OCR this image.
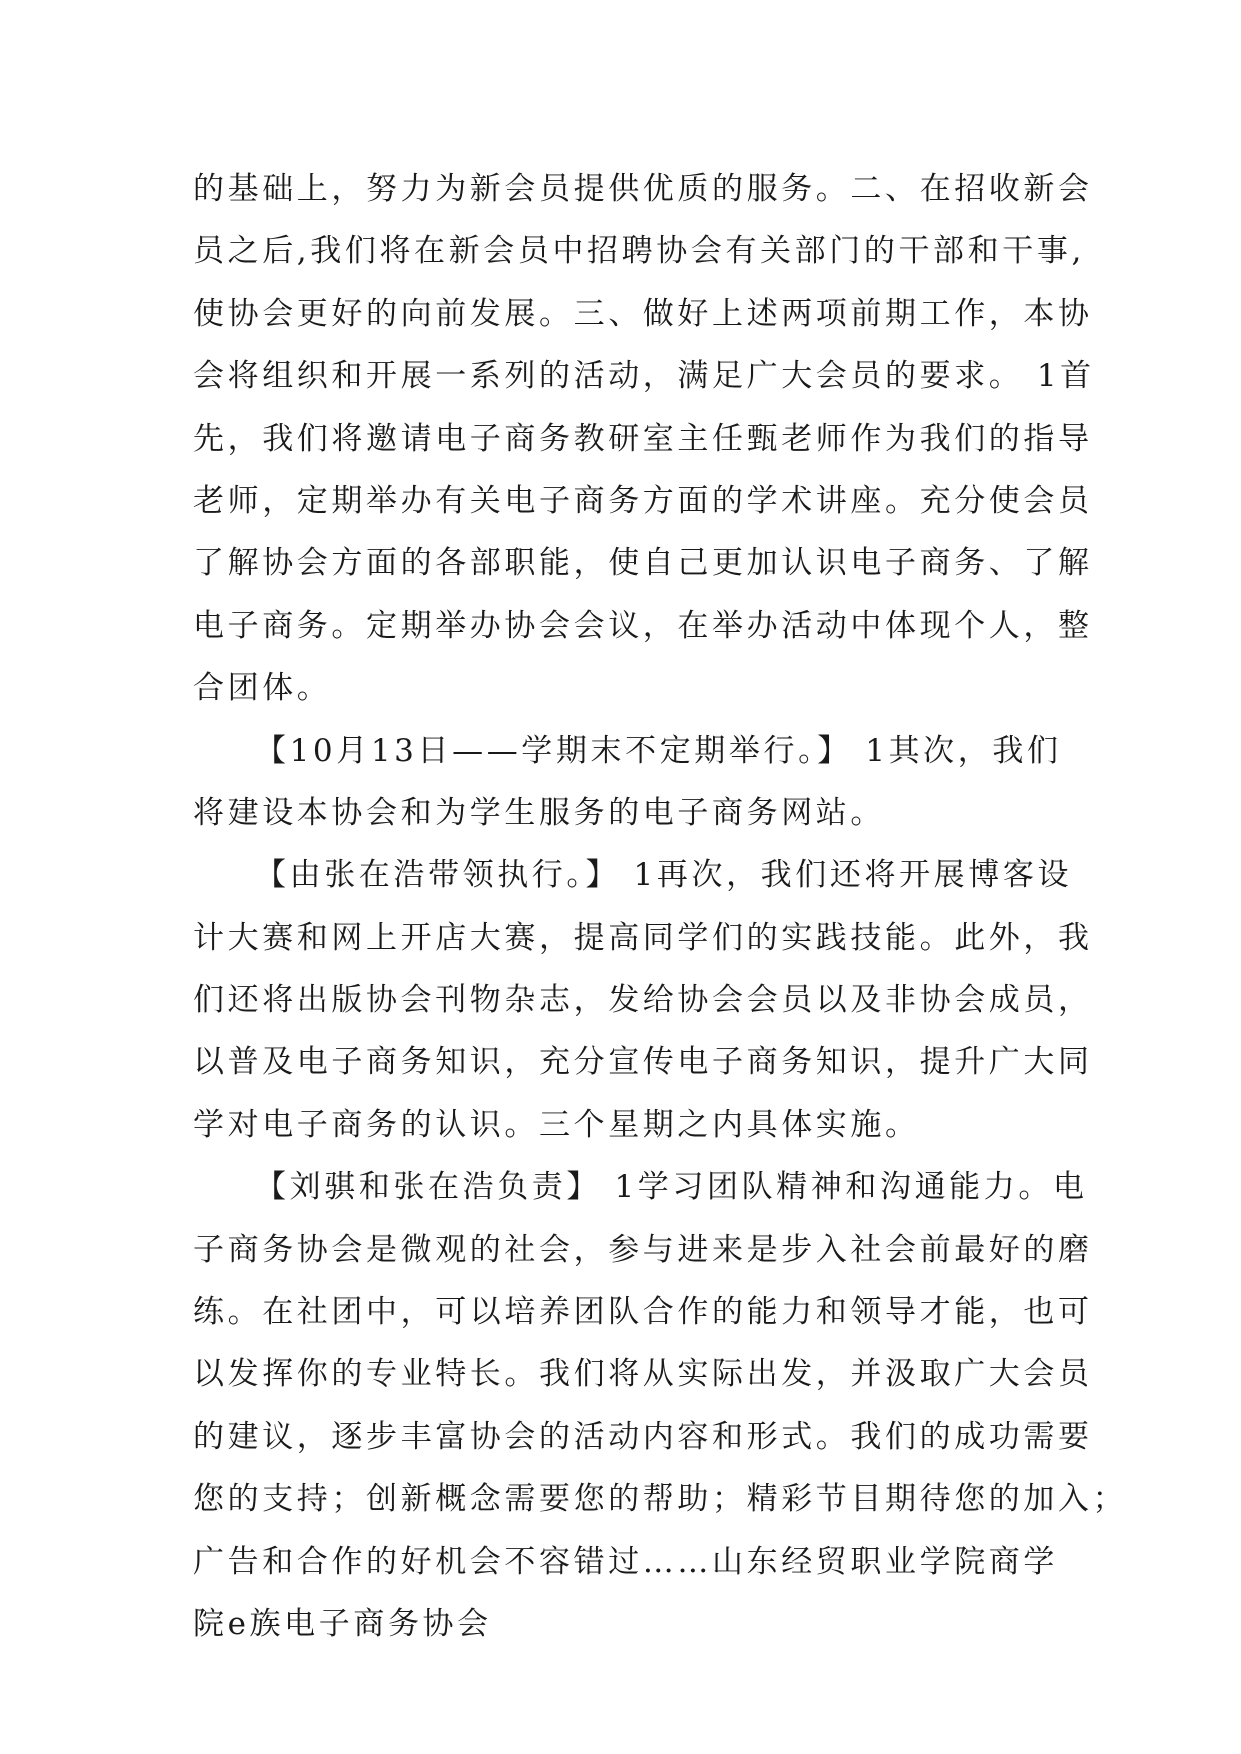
的基础上，努力为新会员提供优质的服务。二、在招收新会
员之后,我们将在新会员中招聘协会有关部门的干部和干事,
使协会更好的向前发展。三、做好上述两项前期工作，本协
会将组织和开展一系列的活动，满足广大会员的要求。 1首
先，我们将邀请电子商务教研室主任甄老师作为我们的指导
老师，定期举办有关电子商务方面的学术讲座。充分使会员
了解协会方面的各部职能，使自己更加认识电子商务、了解
电子商务。定期举办协会会议，在举办活动中体现个人，整
合团体。
【10月13日——学期末不定期举行。】 1其次，我们
将建设本协会和为学生服务的电子商务网站。
【由张在浩带领执行。】 1再次，我们还将开展博客设
计大赛和网上开店大赛，提高同学们的实践技能。此外，我
们还将出版协会刊物杂志，发给协会会员以及非协会成员，
以普及电子商务知识，充分宣传电子商务知识，提升广大同
学对电子商务的认识。三个星期之内具体实施。
【刘骐和张在浩负责】 1学习团队精神和沟通能力。电
子商务协会是微观的社会，参与进来是步入社会前最好的磨
练。在社团中，可以培养团队合作的能力和领导才能，也可
以发挥你的专业特长。我们将从实际出发，并汲取广大会员
的建议，逐步丰富协会的活动内容和形式。我们的成功需要
您的支持；创新概念需要您的帮助；精彩节目期待您的加入；
广告和合作的好机会不容错过……山东经贸职业学院商学
院e族电子商务协会
